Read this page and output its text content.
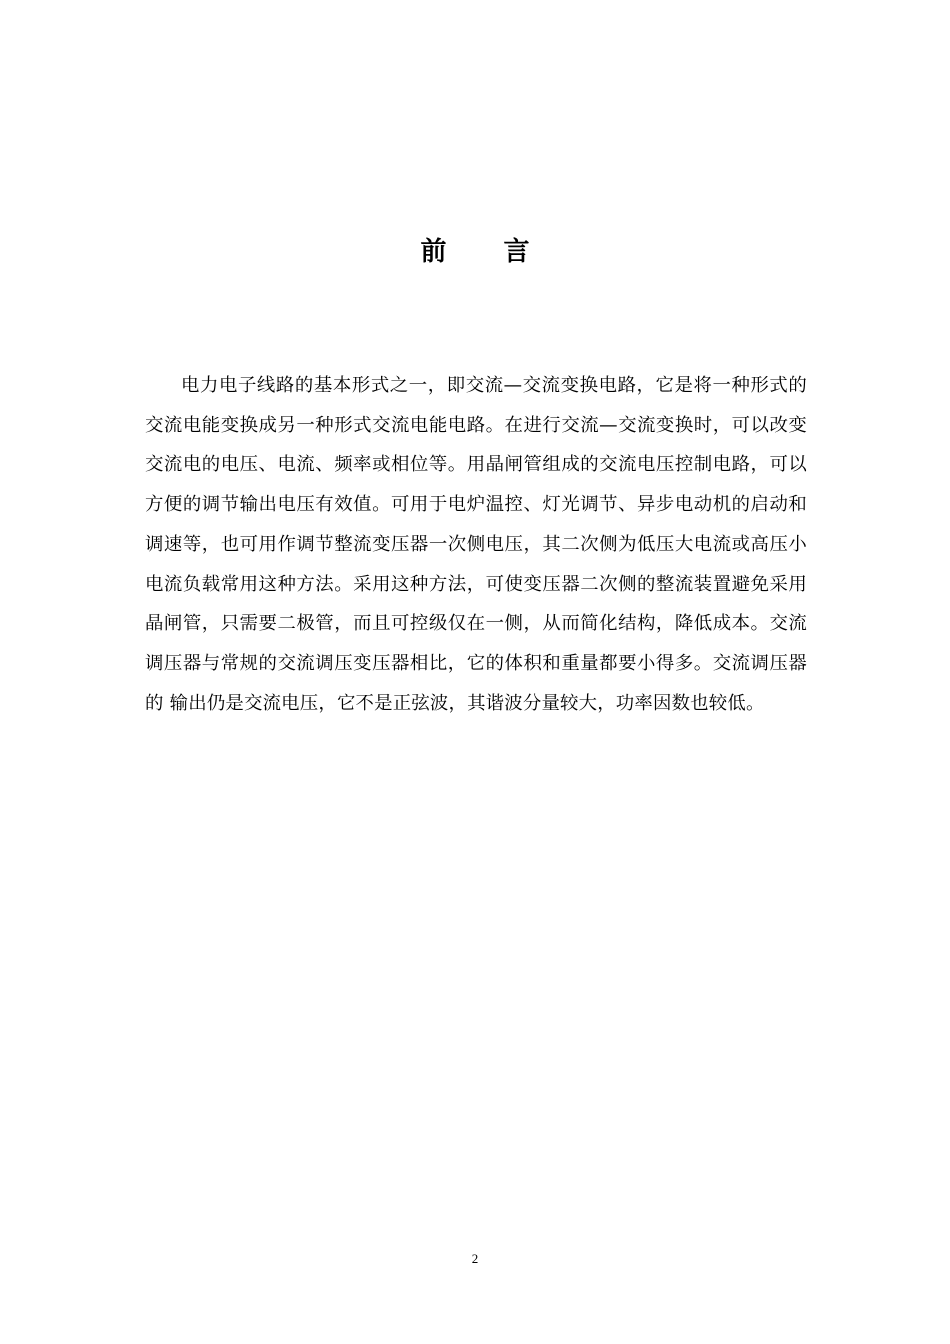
前 言

电力电子线路的基本形式之一，即交流—交流变换电路，它是将一种形式的交流电能变换成另一种形式交流电能电路。在进行交流—交流变换时，可以改变交流电的电压、电流、频率或相位等。用晶闸管组成的交流电压控制电路，可以方便的调节输出电压有效值。可用于电炉温控、灯光调节、异步电动机的启动和调速等，也可用作调节整流变压器一次侧电压，其二次侧为低压大电流或高压小电流负载常用这种方法。采用这种方法，可使变压器二次侧的整流装置避免采用晶闸管，只需要二极管，而且可控级仅在一侧，从而简化结构，降低成本。交流调压器与常规的交流调压变压器相比，它的体积和重量都要小得多。交流调压器的 输出仍是交流电压，它不是正弦波，其谐波分量较大，功率因数也较低。

2
